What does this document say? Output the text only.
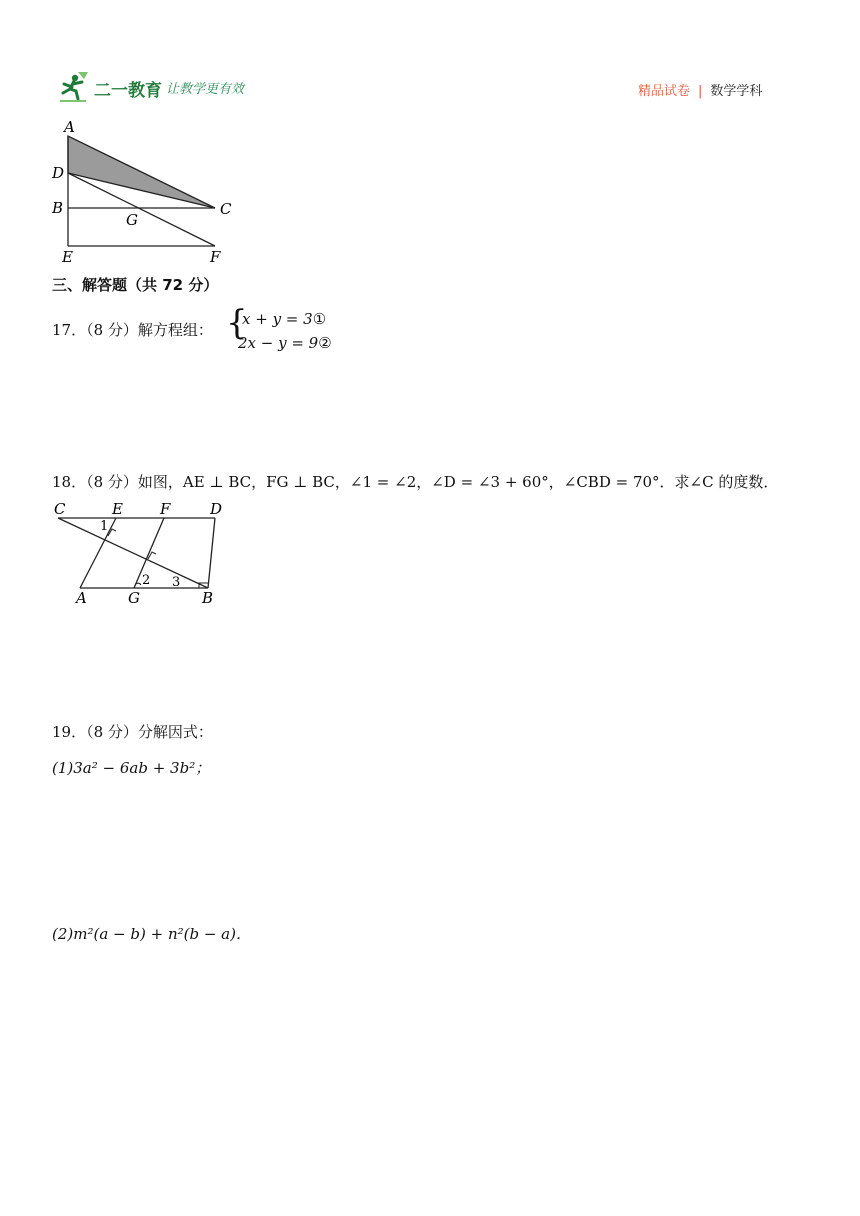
二一教育 让教学更有效	精品试卷 | 数学学科
A
D
B	C
G
E	F
三、解答题（共 72 分）
17．（8 分）解方程组： {
x + y = 3①
2x − y = 9②
18．（8 分）如图，AE ⊥ BC，FG ⊥ BC，∠1 = ∠2，∠D = ∠3 + 60°，∠CBD = 70°．求∠C 的度数．
C	E F	D
A	G	B
1
2 3
19．（8 分）分解因式：
(1)3a² − 6ab + 3b²；
(2)m²(a − b) + n²(b − a)．
